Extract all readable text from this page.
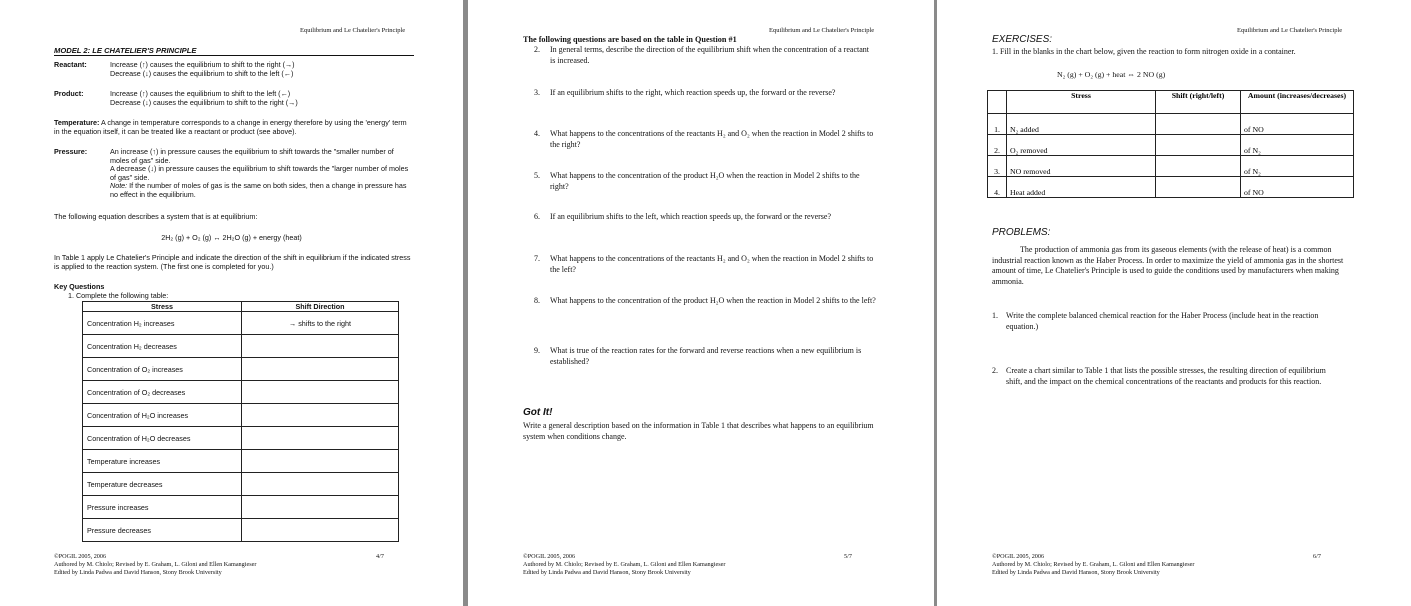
Equilibrium and Le Chatelier's Principle
MODEL 2: LE CHATELIER'S PRINCIPLE
Reactant:	Increase (↑) causes the equilibrium to shift to the right (→)
Decrease (↓) causes the equilibrium to shift to the left (←)
Product:	Increase (↑) causes the equilibrium to shift to the left (←)
Decrease (↓) causes the equilibrium to shift to the right (→)
Temperature: A change in temperature corresponds to a change in energy therefore by using the 'energy' term in the equation itself, it can be treated like a reactant or product (see above).
Pressure:	An increase (↑) in pressure causes the equilibrium to shift towards the "smaller number of moles of gas" side.
A decrease (↓) in pressure causes the equilibrium to shift towards the "larger number of moles of gas" side.
Note: If the number of moles of gas is the same on both sides, then a change in pressure has no effect in the equilibrium.
The following equation describes a system that is at equilibrium:
2H₂ (g) + O₂ (g) ↔ 2H₂O (g) + energy (heat)
In Table 1 apply Le Chatelier's Principle and indicate the direction of the shift in equilibrium if the indicated stress is applied to the reaction system. (The first one is completed for you.)
Key Questions
1. Complete the following table:
Stress	Shift Direction
Concentration H₂ increases	→ shifts to the right
Concentration H₂ decreases	
Concentration of O₂ increases	
Concentration of O₂ decreases	
Concentration of H₂O increases	
Concentration of H₂O decreases	
Temperature increases	
Temperature decreases	
Pressure increases	
Pressure decreases	
©POGIL 2005, 2006
Authored by M. Chiolo; Revised by E. Graham, L. Giloni and Ellen Kamangieser
Edited by Linda Padwa and David Hanson, Stony Brook University
4/7
Equilibrium and Le Chatelier's Principle
The following questions are based on the table in Question #1
Got It!
Write a general description based on the information in Table 1 that describes what happens to an equilibrium system when conditions change.
©POGIL 2005, 2006
Authored by M. Chiolo; Revised by E. Graham, L. Giloni and Ellen Kamangieser
Edited by Linda Padwa and David Hanson, Stony Brook University
5/7
2.	In general terms, describe the direction of the equilibrium shift when the concentration of a reactant is increased.
3.	If an equilibrium shifts to the right, which reaction speeds up, the forward or the reverse?
4.	What happens to the concentrations of the reactants H₂ and O₂ when the reaction in Model 2 shifts to the right?
5.	What happens to the concentration of the product H₂O when the reaction in Model 2 shifts to the right?
6.	If an equilibrium shifts to the left, which reaction speeds up, the forward or the reverse?
7.	What happens to the concentrations of the reactants H₂ and O₂ when the reaction in Model 2 shifts to the left?
8.	What happens to the concentration of the product H₂O when the reaction in Model 2 shifts to the left?
9.	What is true of the reaction rates for the forward and reverse reactions when a new equilibrium is established?
Equilibrium and Le Chatelier's Principle
EXERCISES:
1. Fill in the blanks in the chart below, given the reaction to form nitrogen oxide in a container.
N₂ (g) + O₂ (g) + heat ⇔ 2 NO (g)
PROBLEMS:
The production of ammonia gas from its gaseous elements (with the release of heat) is a common industrial reaction known as the Haber Process. In order to maximize the yield of ammonia gas in the shortest amount of time, Le Chatelier's Principle is used to guide the conditions used by manufacturers when making ammonia.
1.	Write the complete balanced chemical reaction for the Haber Process (include heat in the reaction equation.)
2.	Create a chart similar to Table 1 that lists the possible stresses, the resulting direction of equilibrium shift, and the impact on the chemical concentrations of the reactants and products for this reaction.
©POGIL 2005, 2006
Authored by M. Chiolo; Revised by E. Graham, L. Giloni and Ellen Kamangieser
Edited by Linda Padwa and David Hanson, Stony Brook University
6/7
	Stress	Shift (right/left)	Amount (increases/decreases)
1.	N₂ added		of NO
2.	O₂ removed		of N₂
3.	NO removed		of N₂
4.	Heat added		of NO
